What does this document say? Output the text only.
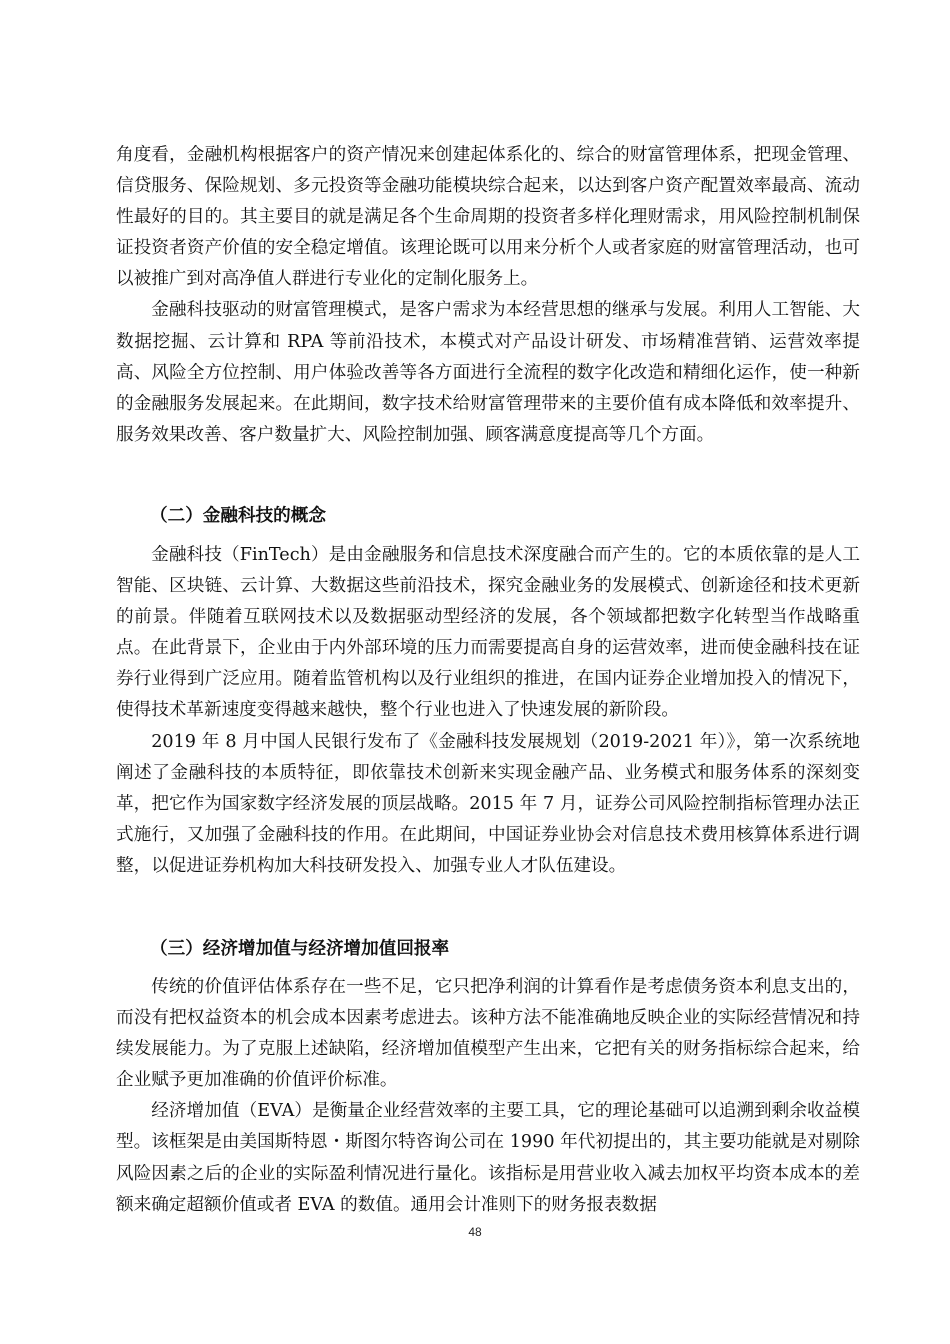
角度看，金融机构根据客户的资产情况来创建起体系化的、综合的财富管理体系，把现金管理、信贷服务、保险规划、多元投资等金融功能模块综合起来，以达到客户资产配置效率最高、流动性最好的目的。其主要目的就是满足各个生命周期的投资者多样化理财需求，用风险控制机制保证投资者资产价值的安全稳定增值。该理论既可以用来分析个人或者家庭的财富管理活动，也可以被推广到对高净值人群进行专业化的定制化服务上。

金融科技驱动的财富管理模式，是客户需求为本经营思想的继承与发展。利用人工智能、大数据挖掘、云计算和 RPA 等前沿技术，本模式对产品设计研发、市场精准营销、运营效率提高、风险全方位控制、用户体验改善等各方面进行全流程的数字化改造和精细化运作，使一种新的金融服务发展起来。在此期间，数字技术给财富管理带来的主要价值有成本降低和效率提升、服务效果改善、客户数量扩大、风险控制加强、顾客满意度提高等几个方面。

（二）金融科技的概念

金融科技（FinTech）是由金融服务和信息技术深度融合而产生的。它的本质依靠的是人工智能、区块链、云计算、大数据这些前沿技术，探究金融业务的发展模式、创新途径和技术更新的前景。伴随着互联网技术以及数据驱动型经济的发展，各个领域都把数字化转型当作战略重点。在此背景下，企业由于内外部环境的压力而需要提高自身的运营效率，进而使金融科技在证券行业得到广泛应用。随着监管机构以及行业组织的推进，在国内证券企业增加投入的情况下，使得技术革新速度变得越来越快，整个行业也进入了快速发展的新阶段。

2019 年 8 月中国人民银行发布了《金融科技发展规划（2019-2021 年）》，第一次系统地阐述了金融科技的本质特征，即依靠技术创新来实现金融产品、业务模式和服务体系的深刻变革，把它作为国家数字经济发展的顶层战略。2015 年 7 月，证券公司风险控制指标管理办法正式施行，又加强了金融科技的作用。在此期间，中国证券业协会对信息技术费用核算体系进行调整，以促进证券机构加大科技研发投入、加强专业人才队伍建设。

（三）经济增加值与经济增加值回报率

传统的价值评估体系存在一些不足，它只把净利润的计算看作是考虑债务资本利息支出的，而没有把权益资本的机会成本因素考虑进去。该种方法不能准确地反映企业的实际经营情况和持续发展能力。为了克服上述缺陷，经济增加值模型产生出来，它把有关的财务指标综合起来，给企业赋予更加准确的价值评价标准。

经济增加值（EVA）是衡量企业经营效率的主要工具，它的理论基础可以追溯到剩余收益模型。该框架是由美国斯特恩・斯图尔特咨询公司在 1990 年代初提出的，其主要功能就是对剔除风险因素之后的企业的实际盈利情况进行量化。该指标是用营业收入减去加权平均资本成本的差额来确定超额价值或者 EVA 的数值。通用会计准则下的财务报表数据

48
